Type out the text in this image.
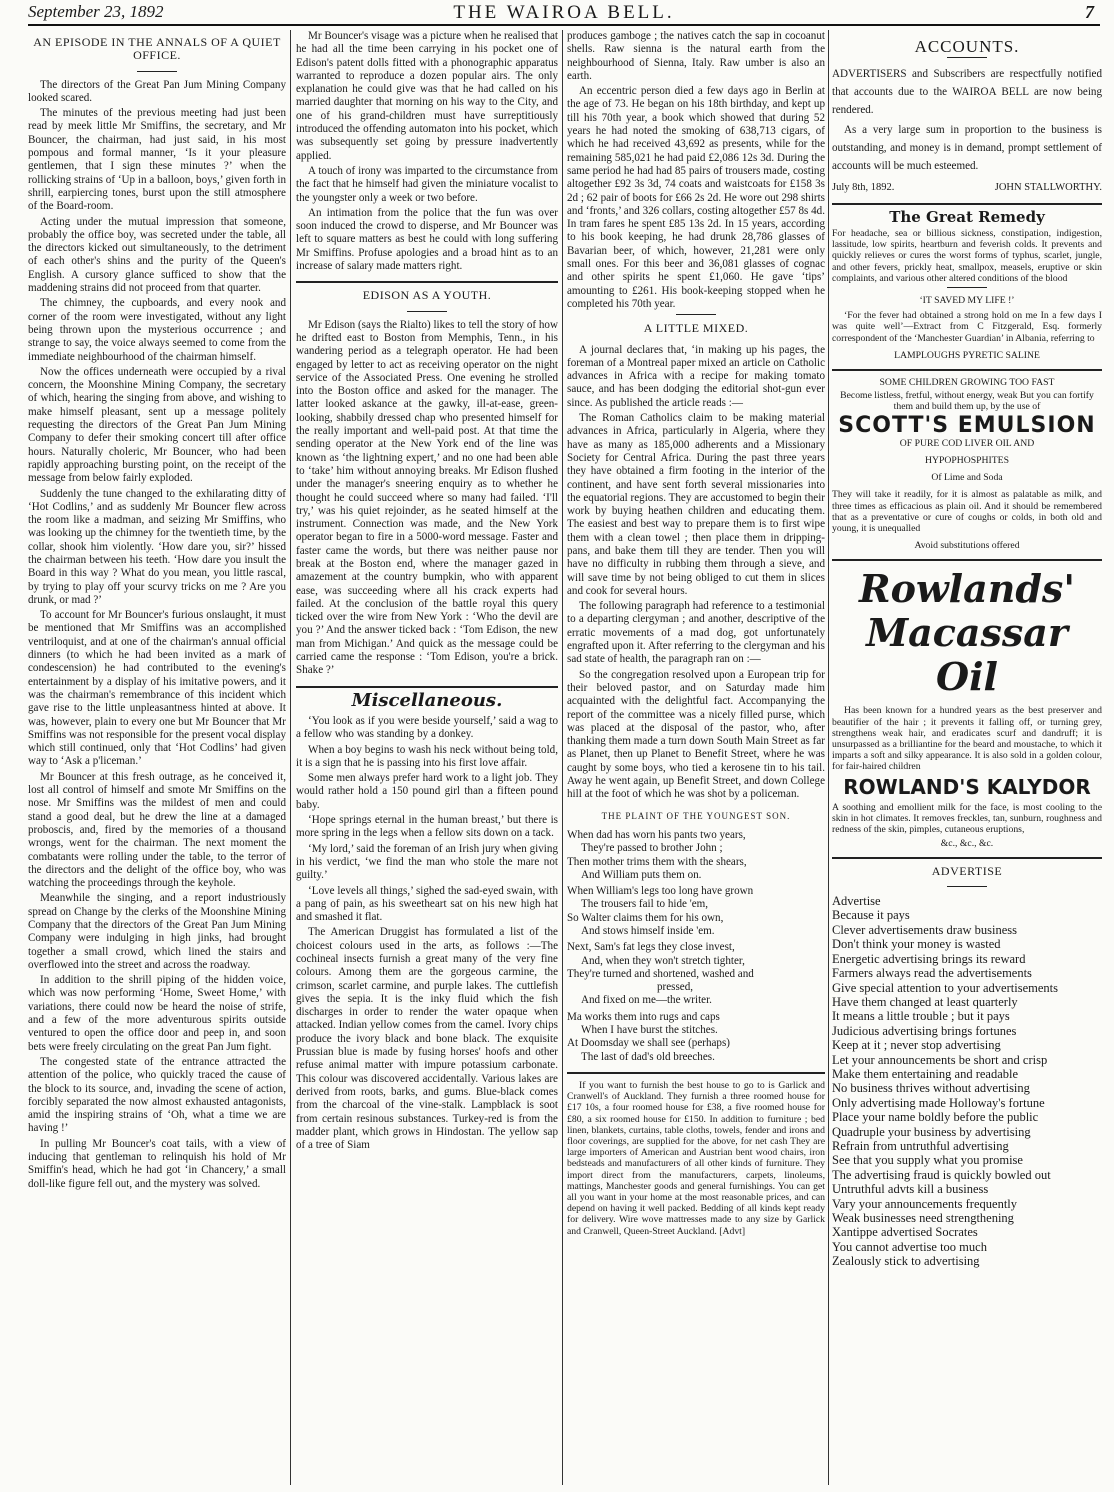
September 23, 1892	THE WAIROA BELL.	7
AN EPISODE IN THE ANNALS OF A QUIET OFFICE.

The directors of the Great Pan Jum Mining Company looked scared.

The minutes of the previous meeting had just been read by meek little Mr Smiffins, the secretary, and Mr Bouncer, the chairman, had just said, in his most pompous and formal manner, ‘Is it your pleasure gentlemen, that I sign these minutes ?’ when the rollicking strains of ‘Up in a balloon, boys,’ given forth in shrill, earpiercing tones, burst upon the still atmosphere of the Board-room.

Acting under the mutual impression that someone, probably the office boy, was secreted under the table, all the directors kicked out simultaneously, to the detriment of each other's shins and the purity of the Queen's English. A cursory glance sufficed to show that the maddening strains did not proceed from that quarter.

The chimney, the cupboards, and every nook and corner of the room were investigated, without any light being thrown upon the mysterious occurrence ; and strange to say, the voice always seemed to come from the immediate neighbourhood of the chairman himself.

Now the offices underneath were occupied by a rival concern, the Moonshine Mining Company, the secretary of which, hearing the singing from above, and wishing to make himself pleasant, sent up a message politely requesting the directors of the Great Pan Jum Mining Company to defer their smoking concert till after office hours. Naturally choleric, Mr Bouncer, who had been rapidly approaching bursting point, on the receipt of the message from below fairly exploded.

Suddenly the tune changed to the exhilarating ditty of ‘Hot Codlins,’ and as suddenly Mr Bouncer flew across the room like a madman, and seizing Mr Smiffins, who was looking up the chimney for the twentieth time, by the collar, shook him violently. ‘How dare you, sir?’ hissed the chairman between his teeth. ‘How dare you insult the Board in this way ? What do you mean, you little rascal, by trying to play off your scurvy tricks on me ? Are you drunk, or mad ?’

To account for Mr Bouncer's furious onslaught, it must be mentioned that Mr Smiffins was an accomplished ventriloquist, and at one of the chairman's annual official dinners (to which he had been invited as a mark of condescension) he had contributed to the evening's entertainment by a display of his imitative powers, and it was the chairman's remembrance of this incident which gave rise to the little unpleasantness hinted at above. It was, however, plain to every one but Mr Bouncer that Mr Smiffins was not responsible for the present vocal display which still continued, only that ‘Hot Codlins’ had given way to ‘Ask a p'liceman.’

Mr Bouncer at this fresh outrage, as he conceived it, lost all control of himself and smote Mr Smiffins on the nose. Mr Smiffins was the mildest of men and could stand a good deal, but he drew the line at a damaged proboscis, and, fired by the memories of a thousand wrongs, went for the chairman. The next moment the combatants were rolling under the table, to the terror of the directors and the delight of the office boy, who was watching the proceedings through the keyhole.

Meanwhile the singing, and a report industriously spread on Change by the clerks of the Moonshine Mining Company that the directors of the Great Pan Jum Mining Company were indulging in high jinks, had brought together a small crowd, which lined the stairs and overflowed into the street and across the roadway.

In addition to the shrill piping of the hidden voice, which was now performing ‘Home, Sweet Home,’ with variations, there could now be heard the noise of strife, and a few of the more adventurous spirits outside ventured to open the office door and peep in, and soon bets were freely circulating on the great Pan Jum fight.

The congested state of the entrance attracted the attention of the police, who quickly traced the cause of the block to its source, and, invading the scene of action, forcibly separated the now almost exhausted antagonists, amid the inspiring strains of ‘Oh, what a time we are having !’

In pulling Mr Bouncer's coat tails, with a view of inducing that gentleman to relinquish his hold of Mr Smiffin's head, which he had got ‘in Chancery,’ a small doll-like figure fell out, and the mystery was solved.

Mr Bouncer's visage was a picture when he realised that he had all the time been carrying in his pocket one of Edison's patent dolls fitted with a phonographic apparatus warranted to reproduce a dozen popular airs. The only explanation he could give was that he had called on his married daughter that morning on his way to the City, and one of his grand-children must have surreptitiously introduced the offending automaton into his pocket, which was subsequently set going by pressure inadvertently applied.

A touch of irony was imparted to the circumstance from the fact that he himself had given the miniature vocalist to the youngster only a week or two before.

An intimation from the police that the fun was over soon induced the crowd to disperse, and Mr Bouncer was left to square matters as best he could with long suffering Mr Smiffins. Profuse apologies and a broad hint as to an increase of salary made matters right.

EDISON AS A YOUTH.

Mr Edison (says the Rialto) likes to tell the story of how he drifted east to Boston from Memphis, Tenn., in his wandering period as a telegraph operator. He had been engaged by letter to act as receiving operator on the night service of the Associated Press. One evening he strolled into the Boston office and asked for the manager. The latter looked askance at the gawky, ill-at-ease, green-looking, shabbily dressed chap who presented himself for the really important and well-paid post. At that time the sending operator at the New York end of the line was known as ‘the lightning expert,’ and no one had been able to ‘take’ him without annoying breaks. Mr Edison flushed under the manager's sneering enquiry as to whether he thought he could succeed where so many had failed. ‘I'll try,’ was his quiet rejoinder, as he seated himself at the instrument. Connection was made, and the New York operator began to fire in a 5000-word message. Faster and faster came the words, but there was neither pause nor break at the Boston end, where the manager gazed in amazement at the country bumpkin, who with apparent ease, was succeeding where all his crack experts had failed. At the conclusion of the battle royal this query ticked over the wire from New York : ‘Who the devil are you ?’ And the answer ticked back : ‘Tom Edison, the new man from Michigan.’ And quick as the message could be carried came the response : ‘Tom Edison, you're a brick. Shake ?’

Miscellaneous.

‘You look as if you were beside yourself,’ said a wag to a fellow who was standing by a donkey.

When a boy begins to wash his neck without being told, it is a sign that he is passing into his first love affair.

Some men always prefer hard work to a light job. They would rather hold a 150 pound girl than a fifteen pound baby.

‘Hope springs eternal in the human breast,’ but there is more spring in the legs when a fellow sits down on a tack.

‘My lord,’ said the foreman of an Irish jury when giving in his verdict, ‘we find the man who stole the mare not guilty.’

‘Love levels all things,’ sighed the sad-eyed swain, with a pang of pain, as his sweetheart sat on his new high hat and smashed it flat.

The American Druggist has formulated a list of the choicest colours used in the arts, as follows :—The cochineal insects furnish a great many of the very fine colours. Among them are the gorgeous carmine, the crimson, scarlet carmine, and purple lakes. The cuttlefish gives the sepia. It is the inky fluid which the fish discharges in order to render the water opaque when attacked. Indian yellow comes from the camel. Ivory chips produce the ivory black and bone black. The exquisite Prussian blue is made by fusing horses' hoofs and other refuse animal matter with impure potassium carbonate. This colour was discovered accidentally. Various lakes are derived from roots, barks, and gums. Blue-black comes from the charcoal of the vine-stalk. Lampblack is soot from certain resinous substances. Turkey-red is from the madder plant, which grows in Hindostan. The yellow sap of a tree of Siam

produces gamboge ; the natives catch the sap in cocoanut shells. Raw sienna is the natural earth from the neighbourhood of Sienna, Italy. Raw umber is also an earth.

An eccentric person died a few days ago in Berlin at the age of 73. He began on his 18th birthday, and kept up till his 70th year, a book which showed that during 52 years he had noted the smoking of 638,713 cigars, of which he had received 43,692 as presents, while for the remaining 585,021 he had paid £2,086 12s 3d. During the same period he had had 85 pairs of trousers made, costing altogether £92 3s 3d, 74 coats and waistcoats for £158 3s 2d ; 62 pair of boots for £66 2s 2d. He wore out 298 shirts and ‘fronts,’ and 326 collars, costing altogether £57 8s 4d. In tram fares he spent £85 13s 2d. In 15 years, according to his book keeping, he had drunk 28,786 glasses of Bavarian beer, of which, however, 21,281 were only small ones. For this beer and 36,081 glasses of cognac and other spirits he spent £1,060. He gave ‘tips’ amounting to £261. His book-keeping stopped when he completed his 70th year.

A LITTLE MIXED.

A journal declares that, ‘in making up his pages, the foreman of a Montreal paper mixed an article on Catholic advances in Africa with a recipe for making tomato sauce, and has been dodging the editorial shot-gun ever since. As published the article reads :—

The Roman Catholics claim to be making material advances in Africa, particularly in Algeria, where they have as many as 185,000 adherents and a Missionary Society for Central Africa. During the past three years they have obtained a firm footing in the interior of the continent, and have sent forth several missionaries into the equatorial regions. They are accustomed to begin their work by buying heathen children and educating them. The easiest and best way to prepare them is to first wipe them with a clean towel ; then place them in dripping-pans, and bake them till they are tender. Then you will have no difficulty in rubbing them through a sieve, and will save time by not being obliged to cut them in slices and cook for several hours.

The following paragraph had reference to a testimonial to a departing clergyman ; and another, descriptive of the erratic movements of a mad dog, got unfortunately engrafted upon it. After referring to the clergyman and his sad state of health, the paragraph ran on :—

So the congregation resolved upon a European trip for their beloved pastor, and on Saturday made him acquainted with the delightful fact. Accompanying the report of the committee was a nicely filled purse, which was placed at the disposal of the pastor, who, after thanking them made a turn down South Main Street as far as Planet, then up Planet to Benefit Street, where he was caught by some boys, who tied a kerosene tin to his tail. Away he went again, up Benefit Street, and down College hill at the foot of which he was shot by a policeman.

THE PLAINT OF THE YOUNGEST SON.
When dad has worn his pants two years,
They're passed to brother John ;
Then mother trims them with the shears,
And William puts them on.
When William's legs too long have grown
The trousers fail to hide 'em,
So Walter claims them for his own,
And stows himself inside 'em.
Next, Sam's fat legs they close invest,
And, when they won't stretch tighter,
They're turned and shortened, washed and
pressed,
And fixed on me—the writer.
Ma works them into rugs and caps
When I have burst the stitches.
At Doomsday we shall see (perhaps)
The last of dad's old breeches.

If you want to furnish the best house to go to is Garlick and Cranwell's of Auckland. They furnish a three roomed house for £17 10s, a four roomed house for £38, a five roomed house for £80, a six roomed house for £150. In addition to furniture ; bed linen, blankets, curtains, table cloths, towels, fender and irons and floor coverings, are supplied for the above, for net cash They are large importers of American and Austrian bent wood chairs, iron bedsteads and manufacturers of all other kinds of furniture. They import direct from the manufacturers, carpets, linoleums, mattings, Manchester goods and general furnishings. You can get all you want in your home at the most reasonable prices, and can depend on having it well packed. Bedding of all kinds kept ready for delivery. Wire wove mattresses made to any size by Garlick and Cranwell, Queen-Street Auckland. [Advt]

ACCOUNTS.

ADVERTISERS and Subscribers are respectfully notified that accounts due to the WAIROA BELL are now being rendered.

As a very large sum in proportion to the business is outstanding, and money is in demand, prompt settlement of accounts will be much esteemed.

July 8th, 1892.	JOHN STALLWORTHY.
The Great Remedy

For headache, sea or billious sickness, constipation, indigestion, lassitude, low spirits, heartburn and feverish colds. It prevents and quickly relieves or cures the worst forms of typhus, scarlet, jungle, and other fevers, prickly heat, smallpox, measels, eruptive or skin complaints, and various other altered conditions of the blood

‘IT SAVED MY LIFE !’

‘For the fever had obtained a strong hold on me In a few days I was quite well’—Extract from C Fitzgerald, Esq. formerly correspondent of the ‘Manchester Guardian’ in Albania, referring to

LAMPLOUGHS PYRETIC SALINE

SOME CHILDREN GROWING TOO FAST

Become listless, fretful, without energy, weak But you can fortify them and build them up, by the use of

SCOTT'S EMULSION

OF PURE COD LIVER OIL AND

HYPOPHOSPHITES

Of Lime and Soda

They will take it readily, for it is almost as palatable as milk, and three times as efficacious as plain oil. And it should be remembered that as a preventative or cure of coughs or colds, in both old and young, it is unequalled

Avoid substitutions offered

Rowlands'
Macassar Oil

Has been known for a hundred years as the best preserver and beautifier of the hair ; it prevents it falling off, or turning grey, strengthens weak hair, and eradicates scurf and dandruff; it is unsurpassed as a brilliantine for the beard and moustache, to which it imparts a soft and silky appearance. It is also sold in a golden colour, for fair-haired children

ROWLAND'S KALYDOR

A soothing and emollient milk for the face, is most cooling to the skin in hot climates. It removes freckles, tan, sunburn, roughness and redness of the skin, pimples, cutaneous eruptions,

&c., &c., &c.

ADVERTISE

Advertise

Because it pays

Clever advertisements draw business

Don't think your money is wasted

Energetic advertising brings its reward

Farmers always read the advertisements

Give special attention to your advertisements

Have them changed at least quarterly

It means a little trouble ; but it pays

Judicious advertising brings fortunes

Keep at it ; never stop advertising

Let your announcements be short and crisp

Make them entertaining and readable

No business thrives without advertising

Only advertising made Holloway's fortune

Place your name boldly before the public

Quadruple your business by advertising

Refrain from untruthful advertising

See that you supply what you promise

The advertising fraud is quickly bowled out

Untruthful advts kill a business

Vary your announcements frequently

Weak businesses need strengthening

Xantippe advertised Socrates

You cannot advertise too much

Zealously stick to advertising
